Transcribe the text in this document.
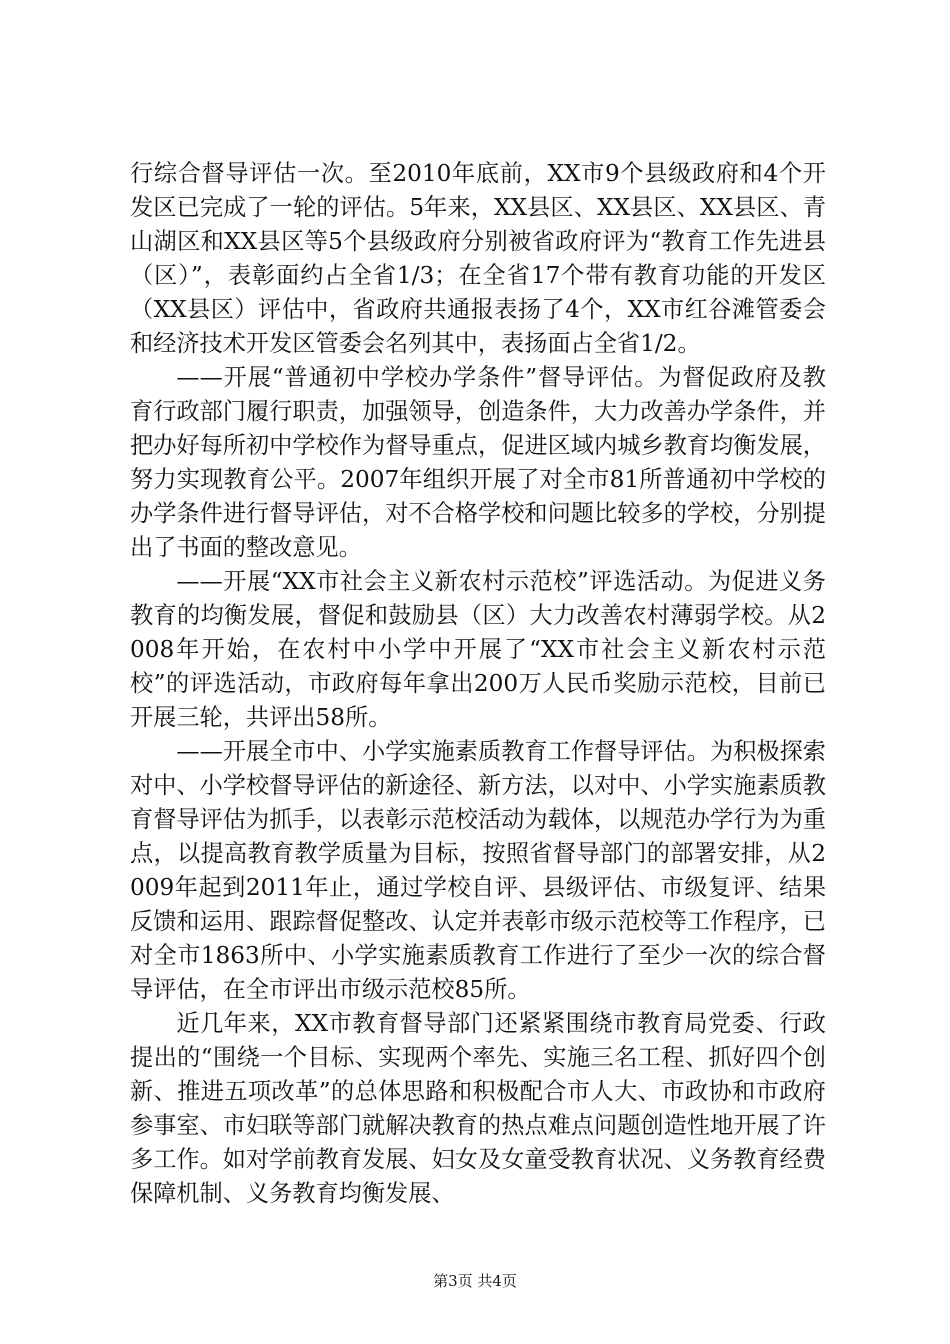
行综合督导评估一次。至2010年底前，XX市9个县级政府和4个开发区已完成了一轮的评估。5年来，XX县区、XX县区、XX县区、青山湖区和XX县区等5个县级政府分别被省政府评为“教育工作先进县（区）”，表彰面约占全省1/3；在全省17个带有教育功能的开发区（XX县区）评估中，省政府共通报表扬了4个，XX市红谷滩管委会和经济技术开发区管委会名列其中，表扬面占全省1/2。

——开展“普通初中学校办学条件”督导评估。为督促政府及教育行政部门履行职责，加强领导，创造条件，大力改善办学条件，并把办好每所初中学校作为督导重点，促进区域内城乡教育均衡发展，努力实现教育公平。2007年组织开展了对全市81所普通初中学校的办学条件进行督导评估，对不合格学校和问题比较多的学校，分别提出了书面的整改意见。

——开展“XX市社会主义新农村示范校”评选活动。为促进义务教育的均衡发展，督促和鼓励县（区）大力改善农村薄弱学校。从2008年开始，在农村中小学中开展了“XX市社会主义新农村示范校”的评选活动，市政府每年拿出200万人民币奖励示范校，目前已开展三轮，共评出58所。

——开展全市中、小学实施素质教育工作督导评估。为积极探索对中、小学校督导评估的新途径、新方法，以对中、小学实施素质教育督导评估为抓手，以表彰示范校活动为载体，以规范办学行为为重点，以提高教育教学质量为目标，按照省督导部门的部署安排，从2009年起到2011年止，通过学校自评、县级评估、市级复评、结果反馈和运用、跟踪督促整改、认定并表彰市级示范校等工作程序，已对全市1863所中、小学实施素质教育工作进行了至少一次的综合督导评估，在全市评出市级示范校85所。

近几年来，XX市教育督导部门还紧紧围绕市教育局党委、行政提出的“围绕一个目标、实现两个率先、实施三名工程、抓好四个创新、推进五项改革”的总体思路和积极配合市人大、市政协和市政府参事室、市妇联等部门就解决教育的热点难点问题创造性地开展了许多工作。如对学前教育发展、妇女及女童受教育状况、义务教育经费保障机制、义务教育均衡发展、

第3页 共4页
